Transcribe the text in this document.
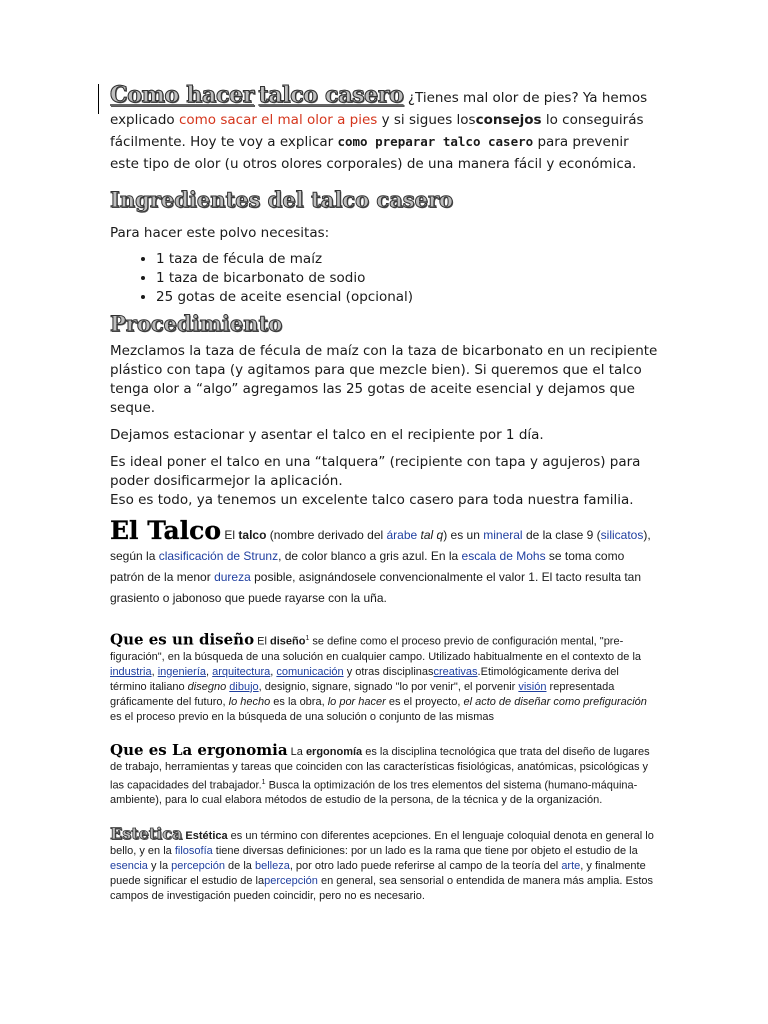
Como hacer talco casero ¿Tienes mal olor de pies? Ya hemos explicado como sacar el mal olor a pies y si sigues losconsejos lo conseguirás fácilmente. Hoy te voy a explicar como preparar talco casero para prevenir este tipo de olor (u otros olores corporales) de una manera fácil y económica.

Ingredientes del talco casero

Para hacer este polvo necesitas:

• 1 taza de fécula de maíz
• 1 taza de bicarbonato de sodio
• 25 gotas de aceite esencial (opcional)
Procedimiento

Mezclamos la taza de fécula de maíz con la taza de bicarbonato en un recipiente plástico con tapa (y agitamos para que mezcle bien). Si queremos que el talco tenga olor a “algo” agregamos las 25 gotas de aceite esencial y dejamos que seque.

Dejamos estacionar y asentar el talco en el recipiente por 1 día.

Es ideal poner el talco en una “talquera” (recipiente con tapa y agujeros) para poder dosificarmejor la aplicación.

Eso es todo, ya tenemos un excelente talco casero para toda nuestra familia.

El Talco El talco (nombre derivado del árabe tal q) es un mineral de la clase 9 (silicatos), según la clasificación de Strunz, de color blanco a gris azul. En la escala de Mohs se toma como patrón de la menor dureza posible, asignándosele convencionalmente el valor 1. El tacto resulta tan grasiento o jabonoso que puede rayarse con la uña.

Que es un diseño El diseño$^1$ se define como el proceso previo de configuración mental, "pre-figuración", en la búsqueda de una solución en cualquier campo. Utilizado habitualmente en el contexto de la industria, ingeniería, arquitectura, comunicación y otras disciplinascreativas.Etimológicamente deriva del término italiano disegno dibujo, designio, signare, signado "lo por venir", el porvenir visión representada gráficamente del futuro, lo hecho es la obra, lo por hacer es el proyecto, el acto de diseñar como prefiguración es el proceso previo en la búsqueda de una solución o conjunto de las mismas

Que es La ergonomia La ergonomía es la disciplina tecnológica que trata del diseño de lugares de trabajo, herramientas y tareas que coinciden con las características fisiológicas, anatómicas, psicológicas y las capacidades del trabajador.$^1$ Busca la optimización de los tres elementos del sistema (humano-máquina-ambiente), para lo cual elabora métodos de estudio de la persona, de la técnica y de la organización.

Estetica Estética es un término con diferentes acepciones. En el lenguaje coloquial denota en general lo bello, y en la filosofía tiene diversas definiciones: por un lado es la rama que tiene por objeto el estudio de la esencia y la percepción de la belleza, por otro lado puede referirse al campo de la teoría del arte, y finalmente puede significar el estudio de lapercepción en general, sea sensorial o entendida de manera más amplia. Estos campos de investigación pueden coincidir, pero no es necesario.
